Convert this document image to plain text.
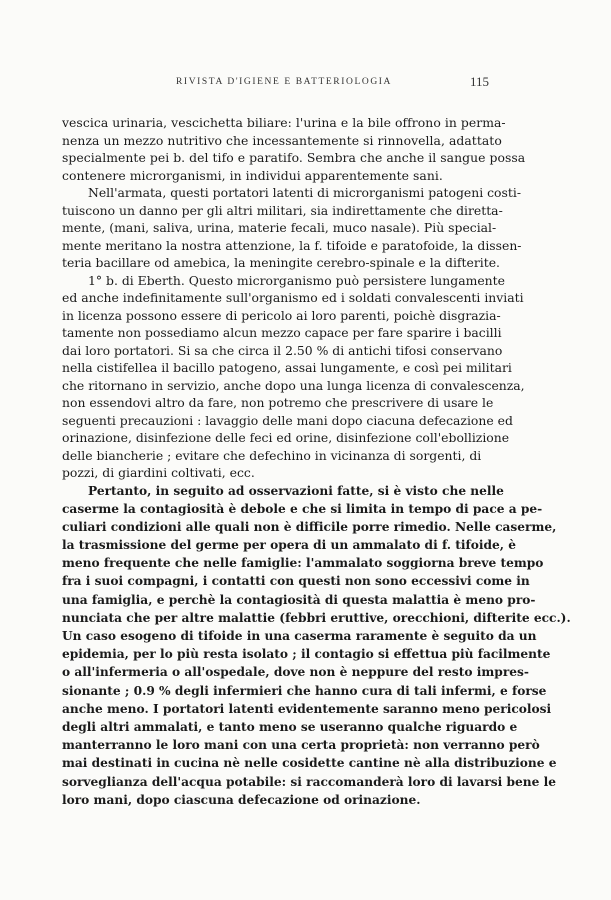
RIVISTA D'IGIENE E BATTERIOLOGIA	115
vescica urinaria, vescichetta biliare: l'urina e la bile offrono in perma-
nenza un mezzo nutritivo che incessantemente si rinnovella, adattato
specialmente pei b. del tifo e paratifo. Sembra che anche il sangue possa
contenere microrganismi, in individui apparentemente sani.
Nell'armata, questi portatori latenti di microrganismi patogeni costi-
tuiscono un danno per gli altri militari, sia indirettamente che diretta-
mente, (mani, saliva, urina, materie fecali, muco nasale). Più special-
mente meritano la nostra attenzione, la f. tifoide e paratofoide, la dissen-
teria bacillare od amebica, la meningite cerebro-spinale e la difterite.
1° b. di Eberth. Questo microrganismo può persistere lungamente
ed anche indefinitamente sull'organismo ed i soldati convalescenti inviati
in licenza possono essere di pericolo ai loro parenti, poichè disgrazia-
tamente non possediamo alcun mezzo capace per fare sparire i bacilli
dai loro portatori. Si sa che circa il 2.50 % di antichi tifosi conservano
nella cistifellea il bacillo patogeno, assai lungamente, e così pei militari
che ritornano in servizio, anche dopo una lunga licenza di convalescenza,
non essendovi altro da fare, non potremo che prescrivere di usare le
seguenti precauzioni : lavaggio delle mani dopo ciacuna defecazione ed
orinazione, disinfezione delle feci ed orine, disinfezione coll'ebollizione
delle biancherie ; evitare che defechino in vicinanza di sorgenti, di
pozzi, di giardini coltivati, ecc.
Pertanto, in seguito ad osservazioni fatte, si è visto che nelle
caserme la contagiosità è debole e che si limita in tempo di pace a pe-
culiari condizioni alle quali non è difficile porre rimedio. Nelle caserme,
la trasmissione del germe per opera di un ammalato di f. tifoide, è
meno frequente che nelle famiglie: l'ammalato soggiorna breve tempo
fra i suoi compagni, i contatti con questi non sono eccessivi come in
una famiglia, e perchè la contagiosità di questa malattia è meno pro-
nunciata che per altre malattie (febbri eruttive, orecchioni, difterite ecc.).
Un caso esogeno di tifoide in una caserma raramente è seguito da un
epidemia, per lo più resta isolato ; il contagio si effettua più facilmente
o all'infermeria o all'ospedale, dove non è neppure del resto impres-
sionante ; 0.9 % degli infermieri che hanno cura di tali infermi, e forse
anche meno. I portatori latenti evidentemente saranno meno pericolosi
degli altri ammalati, e tanto meno se useranno qualche riguardo e
manterranno le loro mani con una certa proprietà: non verranno però
mai destinati in cucina nè nelle cosidette cantine nè alla distribuzione e
sorveglianza dell'acqua potabile: si raccomanderà loro di lavarsi bene le
loro mani, dopo ciascuna defecazione od orinazione.
